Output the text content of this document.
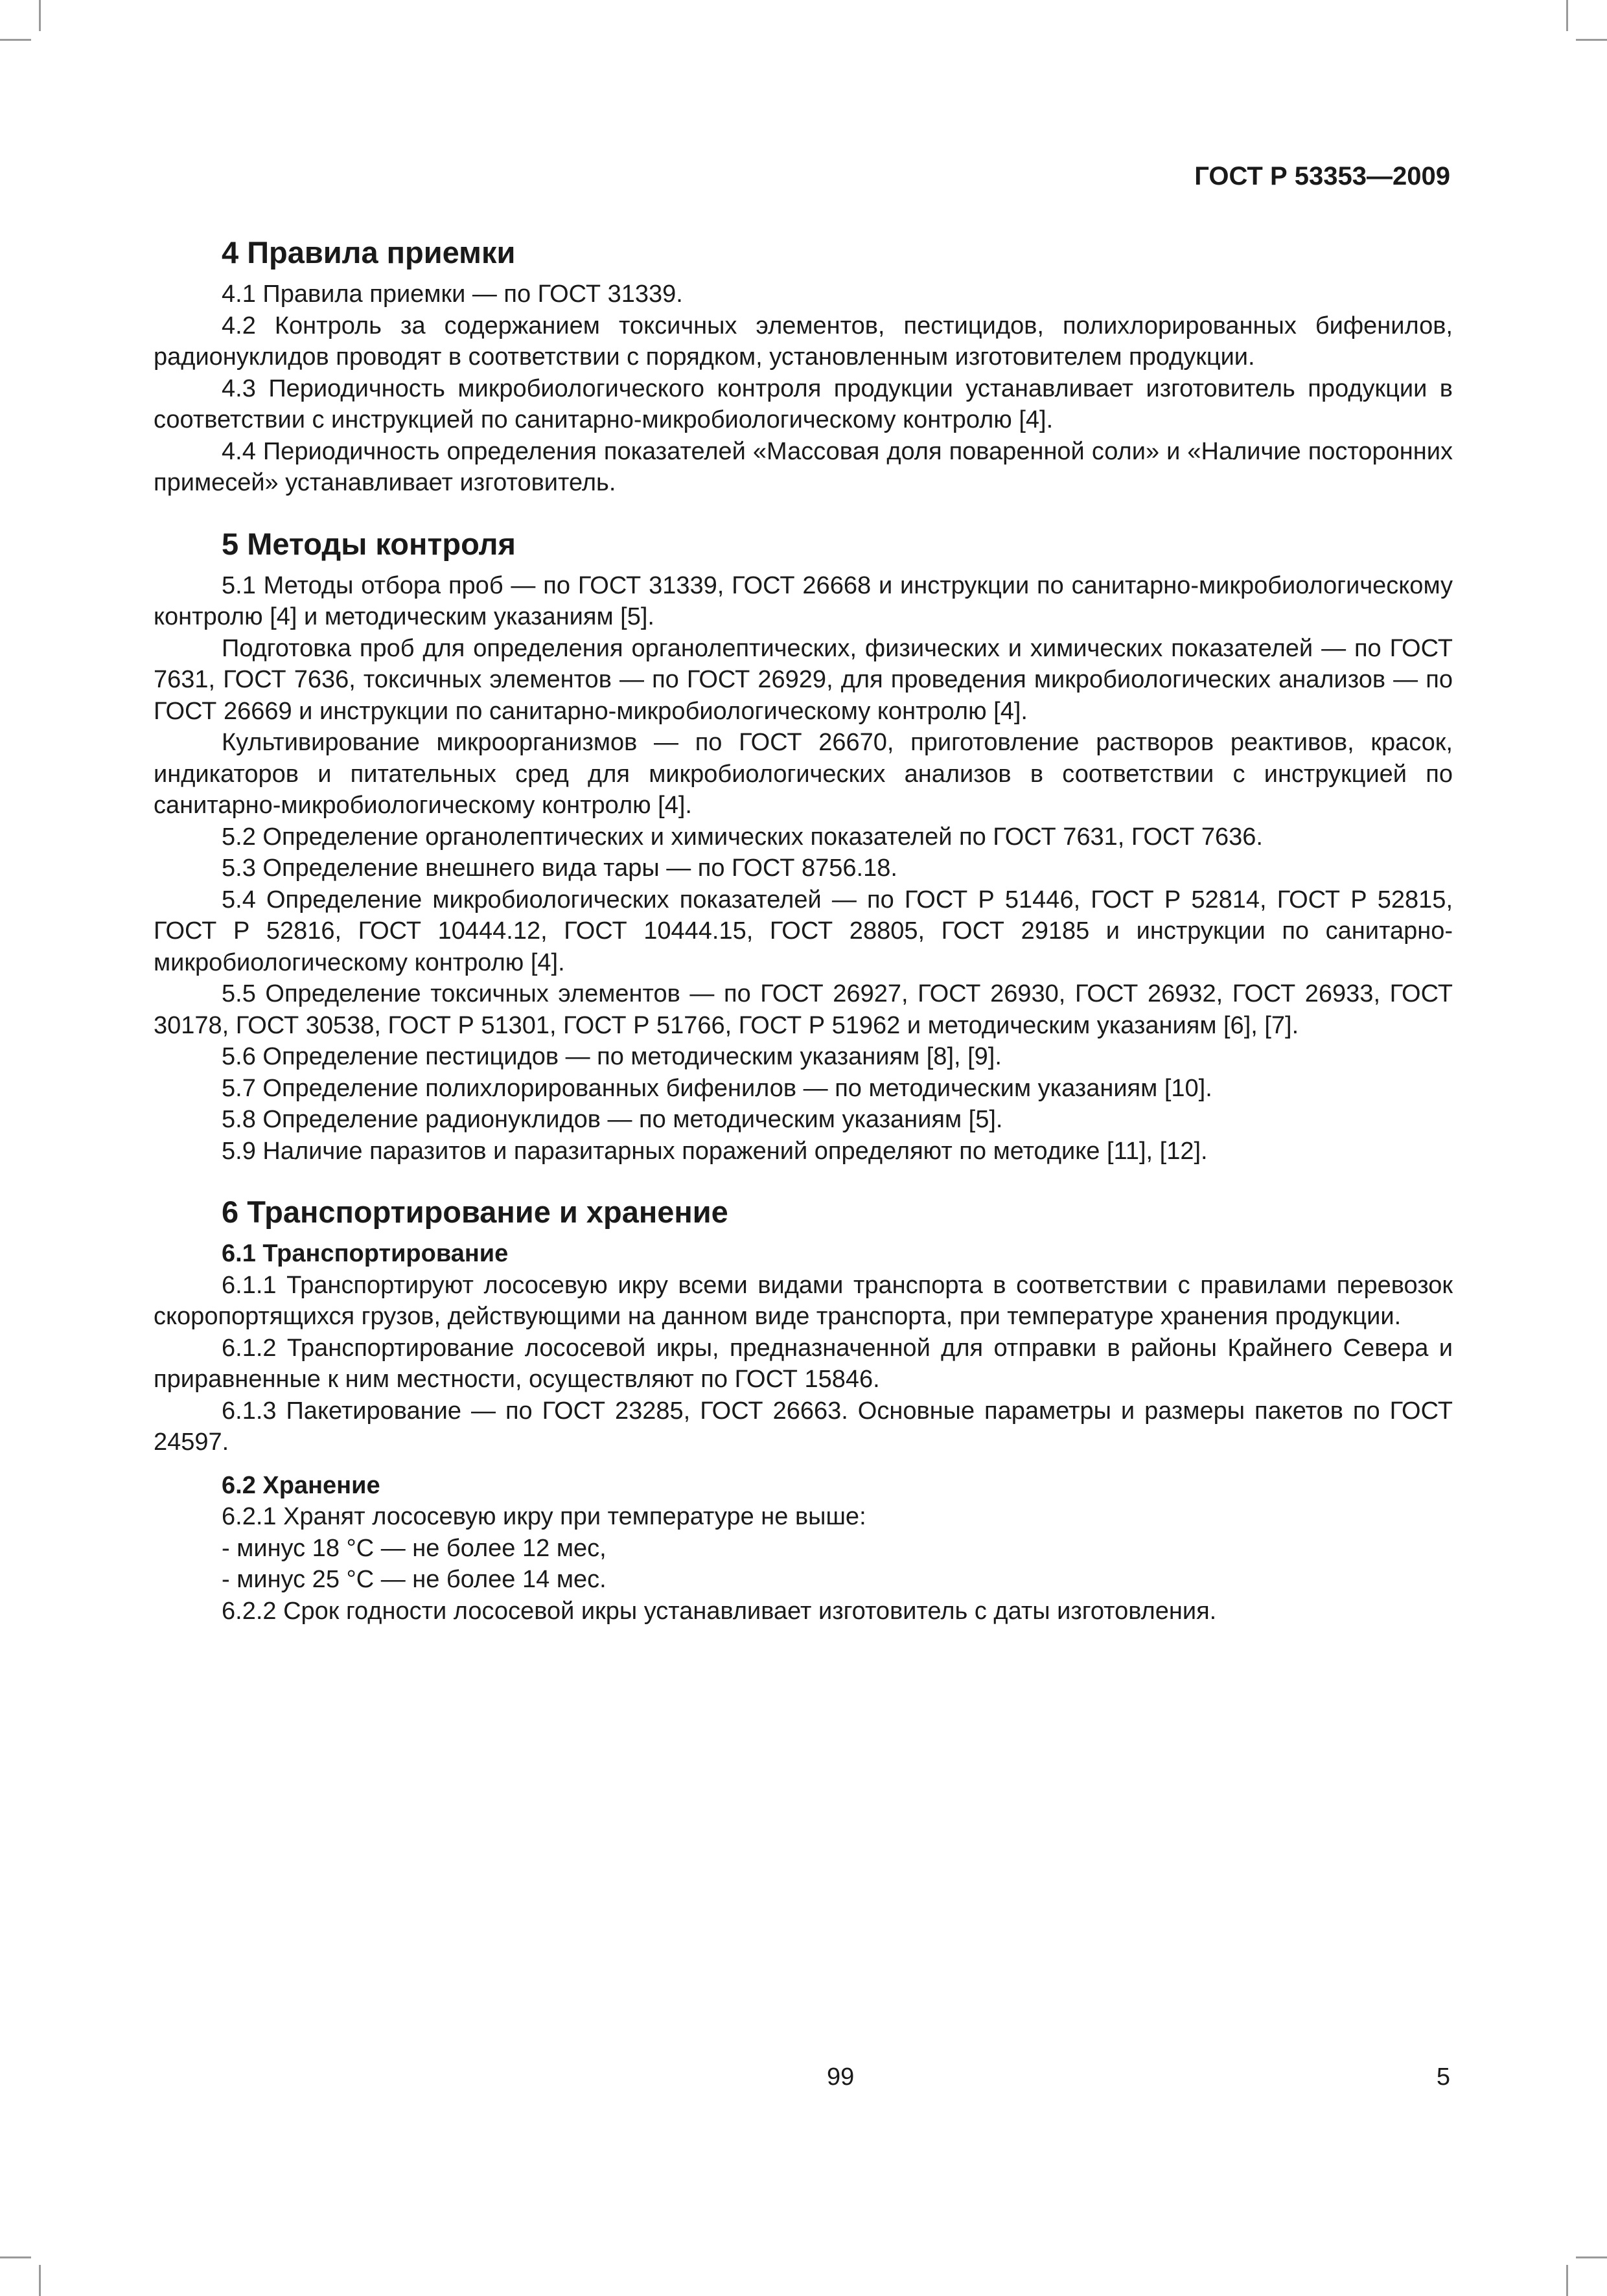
ГОСТ Р 53353—2009
4 Правила приемки

4.1 Правила приемки — по ГОСТ 31339.

4.2 Контроль за содержанием токсичных элементов, пестицидов, полихлорированных бифенилов, радионуклидов проводят в соответствии с порядком, установленным изготовителем продукции.

4.3 Периодичность микробиологического контроля продукции устанавливает изготовитель продукции в соответствии с инструкцией по санитарно-микробиологическому контролю [4].

4.4 Периодичность определения показателей «Массовая доля поваренной соли» и «Наличие посторонних примесей» устанавливает изготовитель.

5 Методы контроля

5.1 Методы отбора проб — по ГОСТ 31339, ГОСТ 26668 и инструкции по санитарно-микробиологическому контролю [4] и методическим указаниям [5].

Подготовка проб для определения органолептических, физических и химических показателей — по ГОСТ 7631, ГОСТ 7636, токсичных элементов — по ГОСТ 26929, для проведения микробиологических анализов — по ГОСТ 26669 и инструкции по санитарно-микробиологическому контролю [4].

Культивирование микроорганизмов — по ГОСТ 26670, приготовление растворов реактивов, красок, индикаторов и питательных сред для микробиологических анализов в соответствии с инструкцией по санитарно-микробиологическому контролю [4].

5.2 Определение органолептических и химических показателей по ГОСТ 7631, ГОСТ 7636.

5.3 Определение внешнего вида тары — по ГОСТ 8756.18.

5.4 Определение микробиологических показателей — по ГОСТ Р 51446, ГОСТ Р 52814, ГОСТ Р 52815, ГОСТ Р 52816, ГОСТ 10444.12, ГОСТ 10444.15, ГОСТ 28805, ГОСТ 29185 и инструкции по санитарно-микробиологическому контролю [4].

5.5 Определение токсичных элементов — по ГОСТ 26927, ГОСТ 26930, ГОСТ 26932, ГОСТ 26933, ГОСТ 30178, ГОСТ 30538, ГОСТ Р 51301, ГОСТ Р 51766, ГОСТ Р 51962 и методическим указаниям [6], [7].

5.6 Определение пестицидов — по методическим указаниям [8], [9].

5.7 Определение полихлорированных бифенилов — по методическим указаниям [10].

5.8 Определение радионуклидов — по методическим указаниям [5].

5.9 Наличие паразитов и паразитарных поражений определяют по методике [11], [12].

6 Транспортирование и хранение
6.1 Транспортирование

6.1.1 Транспортируют лососевую икру всеми видами транспорта в соответствии с правилами перевозок скоропортящихся грузов, действующими на данном виде транспорта, при температуре хранения продукции.

6.1.2 Транспортирование лососевой икры, предназначенной для отправки в районы Крайнего Севера и приравненные к ним местности, осуществляют по ГОСТ 15846.

6.1.3 Пакетирование — по ГОСТ 23285, ГОСТ 26663. Основные параметры и размеры пакетов по ГОСТ 24597.

6.2 Хранение

6.2.1 Хранят лососевую икру при температуре не выше:

- минус 18 °С — не более 12 мес,

- минус 25 °С — не более 14 мес.

6.2.2 Срок годности лососевой икры устанавливает изготовитель с даты изготовления.

99	5
